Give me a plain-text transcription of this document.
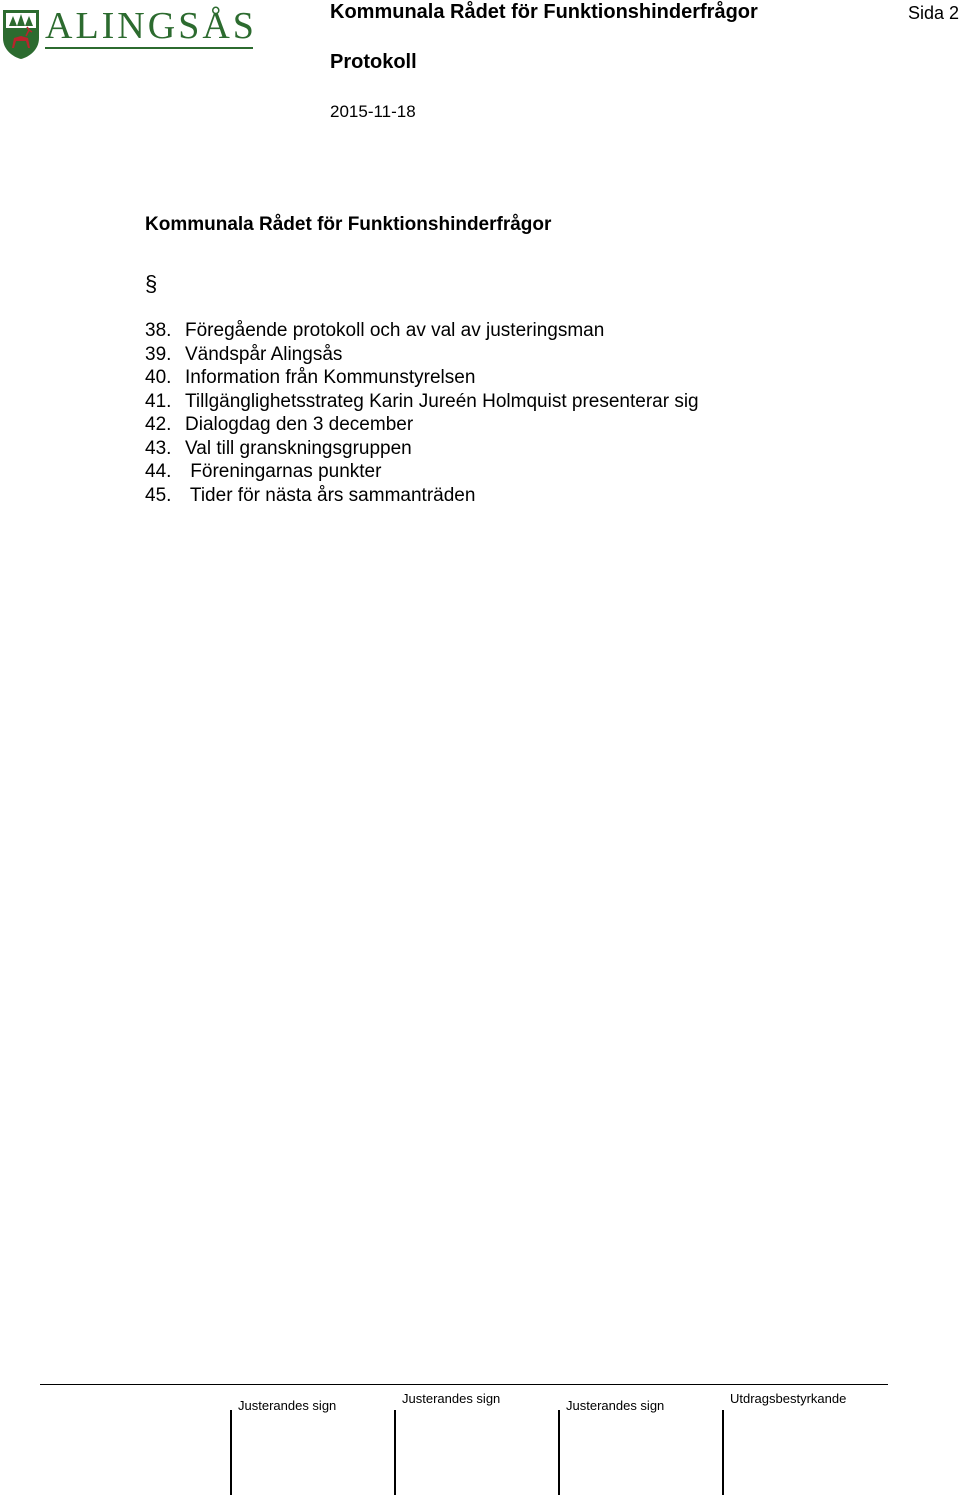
ALINGSÅS	Kommunala Rådet för Funktionshinderfrågor	Sida 2
Protokoll
2015-11-18
Kommunala Rådet för Funktionshinderfrågor
§
38. Föregående protokoll och av val av justeringsman
39. Vändspår Alingsås
40. Information från Kommunstyrelsen
41. Tillgänglighetsstrateg Karin Jureén Holmquist presenterar sig
42. Dialogdag den 3 december
43. Val till granskningsgruppen
44. Föreningarnas punkter
45. Tider för nästa års sammanträden
Justerandes sign	Justerandes sign	Justerandes sign	Utdragsbestyrkande
